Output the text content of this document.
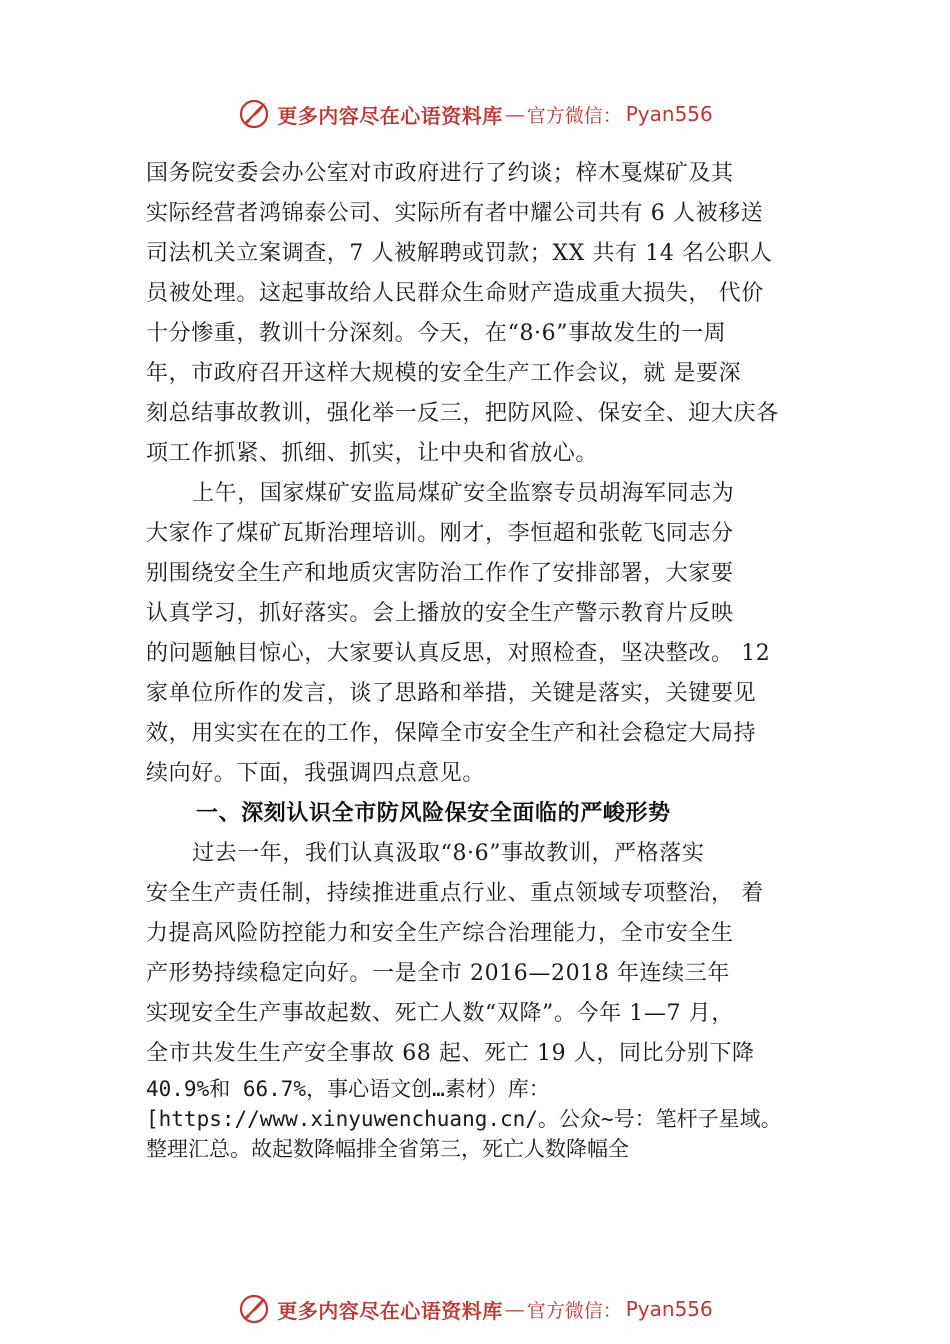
更多内容尽在心语资料库 — 官方微信： Pyan556
国务院安委会办公室对市政府进行了约谈；梓木戛煤矿及其
实际经营者鸿锦泰公司、实际所有者中耀公司共有 6 人被移送
司法机关立案调查，7 人被解聘或罚款；XX 共有 14 名公职人
员被处理。这起事故给人民群众生命财产造成重大损失， 代价
十分惨重，教训十分深刻。今天，在“8·6”事故发生的一周
年，市政府召开这样大规模的安全生产工作会议，就 是要深
刻总结事故教训，强化举一反三，把防风险、保安全、迎大庆各
项工作抓紧、抓细、抓实，让中央和省放心。
上午，国家煤矿安监局煤矿安全监察专员胡海军同志为
大家作了煤矿瓦斯治理培训。刚才，李恒超和张乾飞同志分
别围绕安全生产和地质灾害防治工作作了安排部署，大家要
认真学习，抓好落实。会上播放的安全生产警示教育片反映
的问题触目惊心，大家要认真反思，对照检查，坚决整改。 12
家单位所作的发言，谈了思路和举措，关键是落实，关键要见
效，用实实在在的工作，保障全市安全生产和社会稳定大局持
续向好。下面，我强调四点意见。
一、深刻认识全市防风险保安全面临的严峻形势
过去一年，我们认真汲取“8·6”事故教训，严格落实
安全生产责任制，持续推进重点行业、重点领域专项整治， 着
力提高风险防控能力和安全生产综合治理能力，全市安全生
产形势持续稳定向好。一是全市 2016—2018 年连续三年
实现安全生产事故起数、死亡人数“双降”。今年 1—7 月，
全市共发生生产安全事故 68 起、死亡 19 人，同比分别下降
40.9%和 66.7%，事心语文创…素材）库：
[https://www.xinyuwenchuang.cn/。公众~号：笔杆子星域。
整理汇总。故起数降幅排全省第三，死亡人数降幅全
更多内容尽在心语资料库 — 官方微信： Pyan556
